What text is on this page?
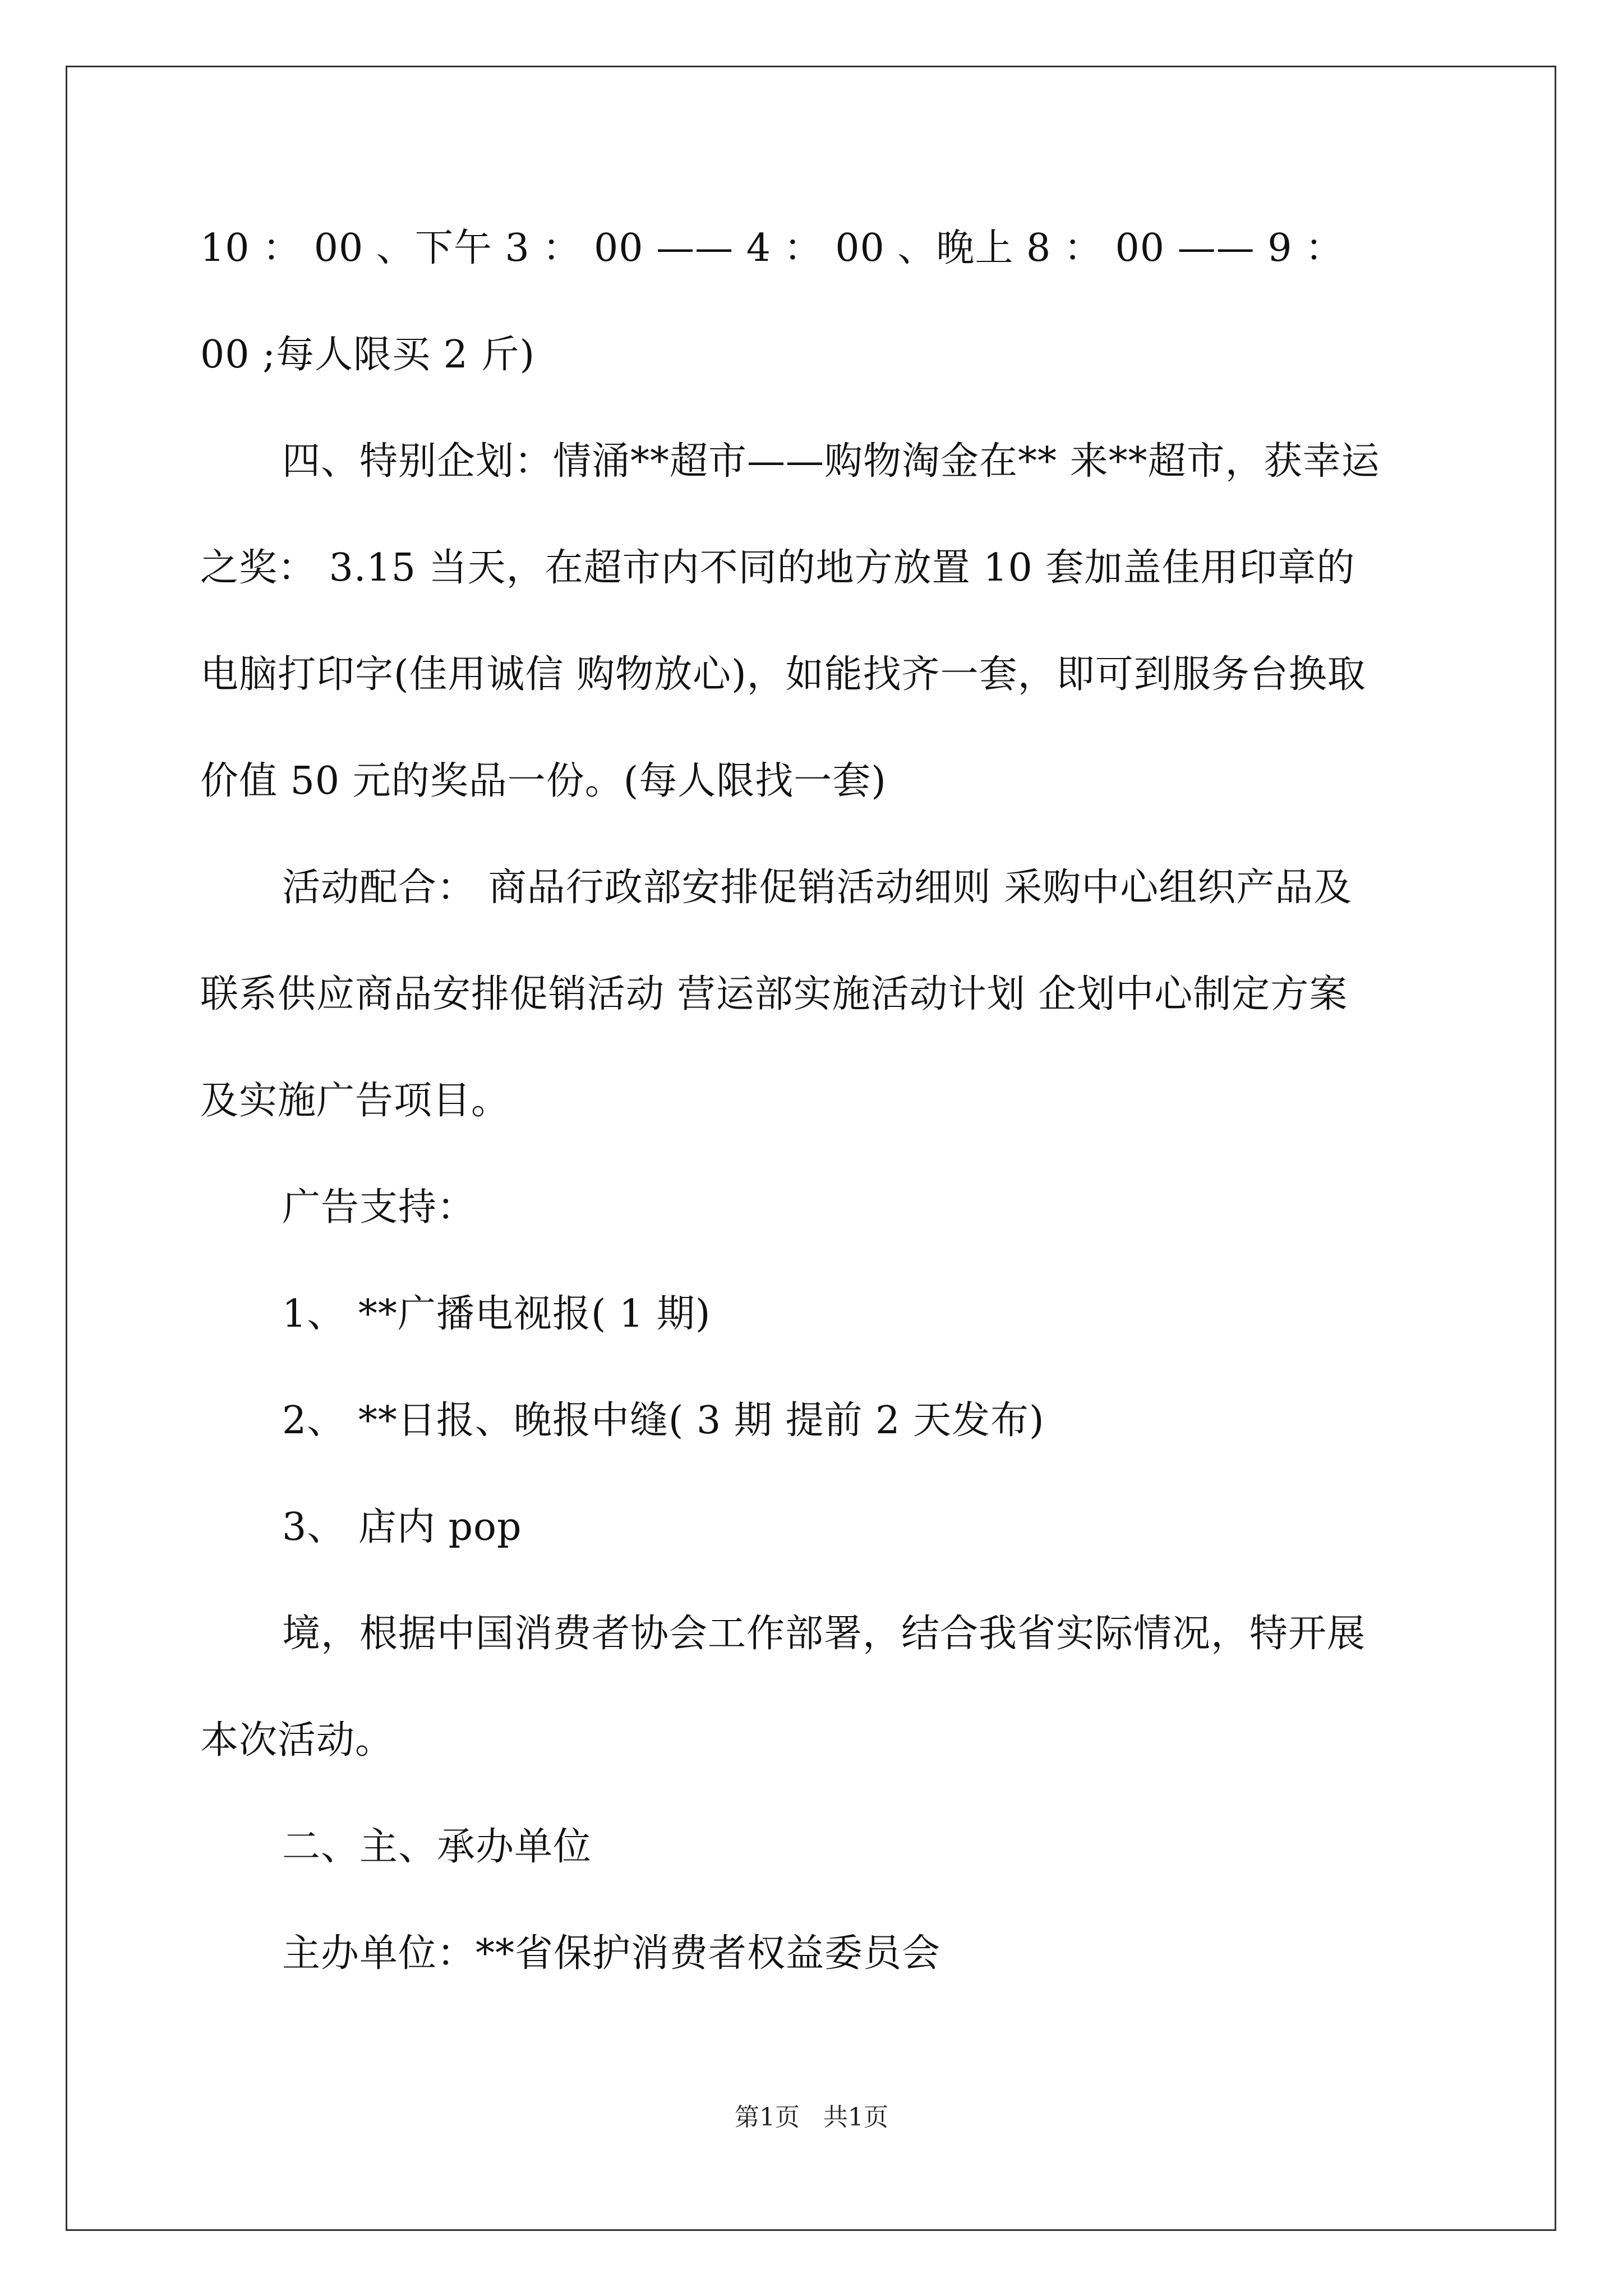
10 ： 00 、下午 3 ： 00 —— 4 ： 00 、晚上 8 ： 00 —— 9 ：
00 ;每人限买 2 斤)
四、特别企划：情涌**超市——购物淘金在** 来**超市，获幸运
之奖： 3.15 当天，在超市内不同的地方放置 10 套加盖佳用印章的
电脑打印字(佳用诚信 购物放心)，如能找齐一套，即可到服务台换取
价值 50 元的奖品一份。(每人限找一套)
活动配合： 商品行政部安排促销活动细则 采购中心组织产品及
联系供应商品安排促销活动 营运部实施活动计划 企划中心制定方案
及实施广告项目。
广告支持：
1、 **广播电视报( 1 期)
2、 **日报、晚报中缝( 3 期 提前 2 天发布)
3、 店内 pop
境，根据中国消费者协会工作部署，结合我省实际情况，特开展
本次活动。
二、主、承办单位
主办单位：**省保护消费者权益委员会
第1页   共1页
